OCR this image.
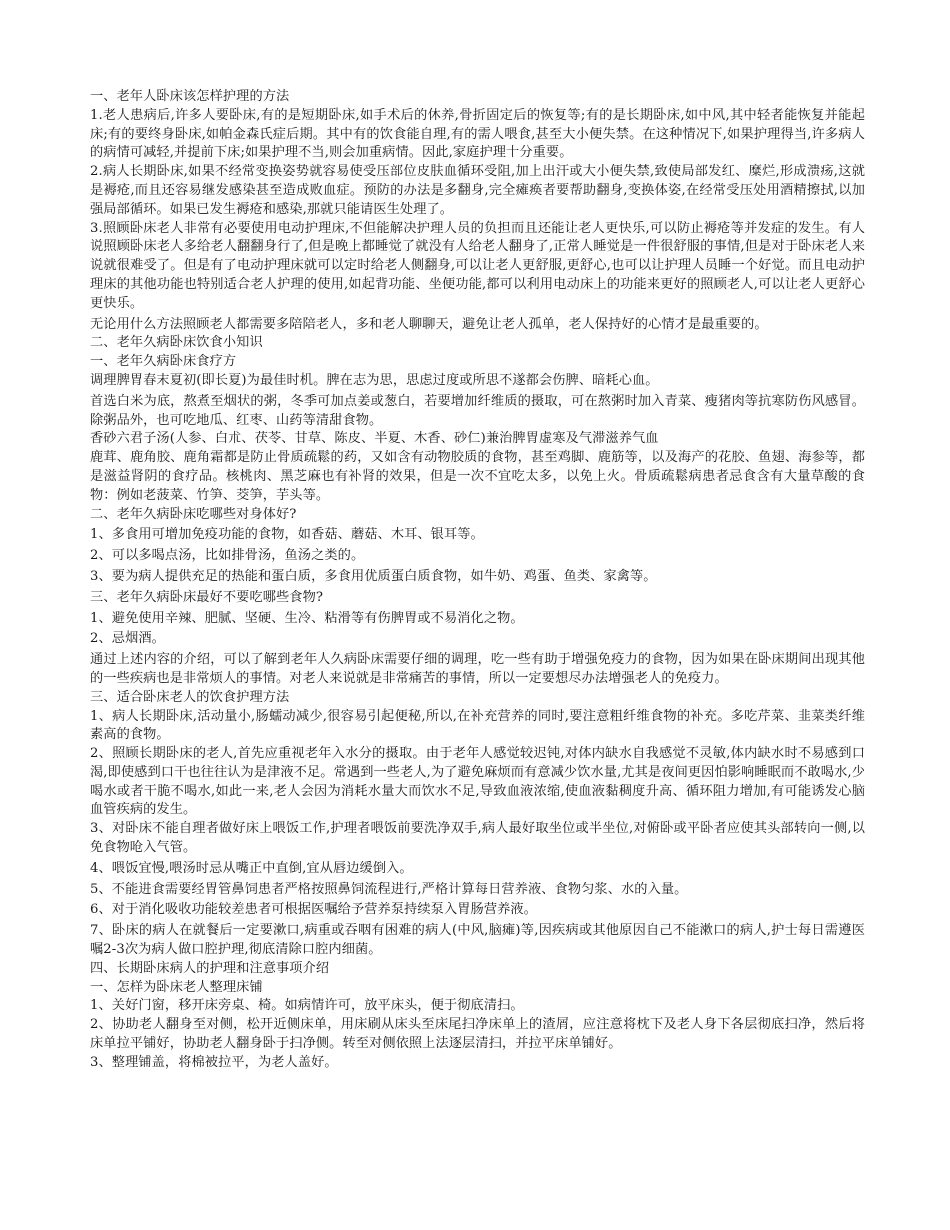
一、老年人卧床该怎样护理的方法

1.老人患病后,许多人要卧床,有的是短期卧床,如手术后的休养,骨折固定后的恢复等;有的是长期卧床,如中风,其中轻者能恢复并能起床;有的要终身卧床,如帕金森氏症后期。其中有的饮食能自理,有的需人喂食,甚至大小便失禁。在这种情况下,如果护理得当,许多病人的病情可减轻,并提前下床;如果护理不当,则会加重病情。因此,家庭护理十分重要。

2.病人长期卧床,如果不经常变换姿势就容易使受压部位皮肤血循环受阻,加上出汗或大小便失禁,致使局部发红、糜烂,形成溃疡,这就是褥疮,而且还容易继发感染甚至造成败血症。预防的办法是多翻身,完全瘫痪者要帮助翻身,变换体姿,在经常受压处用酒精擦拭,以加强局部循环。如果已发生褥疮和感染,那就只能请医生处理了。

3.照顾卧床老人非常有必要使用电动护理床,不但能解决护理人员的负担而且还能让老人更快乐,可以防止褥疮等并发症的发生。有人说照顾卧床老人多给老人翻翻身行了,但是晚上都睡觉了就没有人给老人翻身了,正常人睡觉是一件很舒服的事情,但是对于卧床老人来说就很难受了。但是有了电动护理床就可以定时给老人侧翻身,可以让老人更舒服,更舒心,也可以让护理人员睡一个好觉。而且电动护理床的其他功能也特别适合老人护理的使用,如起背功能、坐便功能,都可以利用电动床上的功能来更好的照顾老人,可以让老人更舒心更快乐。

无论用什么方法照顾老人都需要多陪陪老人，多和老人聊聊天，避免让老人孤单，老人保持好的心情才是最重要的。

二、老年久病卧床饮食小知识

一、老年久病卧床食疗方

调理脾胃春末夏初(即长夏)为最佳时机。脾在志为思，思虑过度或所思不遂都会伤脾、暗耗心血。

首选白米为底，熬煮至烟状的粥，冬季可加点姜或葱白，若要增加纤维质的摄取，可在熬粥时加入青菜、瘦猪肉等抗寒防伤风感冒。除粥品外，也可吃地瓜、红枣、山药等清甜食物。

香砂六君子汤(人参、白朮、茯苓、甘草、陈皮、半夏、木香、砂仁)兼治脾胃虚寒及气滞滋养气血

鹿茸、鹿角胶、鹿角霜都是防止骨质疏鬆的药，又如含有动物胶质的食物，甚至鸡脚、鹿筋等，以及海产的花胶、鱼翅、海参等，都是滋益肾阴的食疗品。核桃肉、黑芝麻也有补肾的效果，但是一次不宜吃太多，以免上火。骨质疏鬆病患者忌食含有大量草酸的食物：例如老菠菜、竹笋、茭笋，芋头等。

二、老年久病卧床吃哪些对身体好?

1、多食用可增加免疫功能的食物，如香菇、蘑菇、木耳、银耳等。

2、可以多喝点汤，比如排骨汤，鱼汤之类的。

3、要为病人提供充足的热能和蛋白质，多食用优质蛋白质食物，如牛奶、鸡蛋、鱼类、家禽等。

三、老年久病卧床最好不要吃哪些食物?

1、避免使用辛辣、肥腻、坚硬、生冷、粘滑等有伤脾胃或不易消化之物。

2、忌烟酒。

通过上述内容的介绍，可以了解到老年人久病卧床需要仔细的调理，吃一些有助于增强免疫力的食物，因为如果在卧床期间出现其他的一些疾病也是非常烦人的事情。对老人来说就是非常痛苦的事情，所以一定要想尽办法增强老人的免疫力。

三、适合卧床老人的饮食护理方法

1、病人长期卧床,活动量小,肠蠕动减少,很容易引起便秘,所以,在补充营养的同时,要注意粗纤维食物的补充。多吃芹菜、韭菜类纤维素高的食物。

2、照顾长期卧床的老人,首先应重视老年入水分的摄取。由于老年人感觉较迟钝,对体内缺水自我感觉不灵敏,体内缺水时不易感到口渴,即使感到口干也往往认为是津液不足。常遇到一些老人,为了避免麻烦而有意减少饮水量,尤其是夜间更因怕影响睡眠而不敢喝水,少喝水或者干脆不喝水,如此一来,老人会因为消耗水量大而饮水不足,导致血液浓缩,使血液黏稠度升高、循环阻力增加,有可能诱发心脑血管疾病的发生。

3、对卧床不能自理者做好床上喂饭工作,护理者喂饭前要洗净双手,病人最好取坐位或半坐位,对俯卧或平卧者应使其头部转向一侧,以免食物呛入气管。

4、喂饭宜慢,喂汤时忌从嘴正中直倒,宜从唇边缓倒入。

5、不能进食需要经胃管鼻饲患者严格按照鼻饲流程进行,严格计算每日营养液、食物匀浆、水的入量。

6、对于消化吸收功能较差患者可根据医嘱给予营养泵持续泵入胃肠营养液。

7、卧床的病人在就餐后一定要漱口,病重或吞咽有困难的病人(中风,脑瘫)等,因疾病或其他原因自己不能漱口的病人,护士每日需遵医嘱2-3次为病人做口腔护理,彻底清除口腔内细菌。

四、长期卧床病人的护理和注意事项介绍

一、怎样为卧床老人整理床铺

1、关好门窗，移开床旁桌、椅。如病情许可，放平床头，便于彻底清扫。

2、协助老人翻身至对侧，松开近侧床单，用床刷从床头至床尾扫净床单上的渣屑，应注意将枕下及老人身下各层彻底扫净，然后将床单拉平铺好，协助老人翻身卧于扫净侧。转至对侧依照上法逐层清扫，并拉平床单铺好。

3、整理铺盖，将棉被拉平，为老人盖好。
